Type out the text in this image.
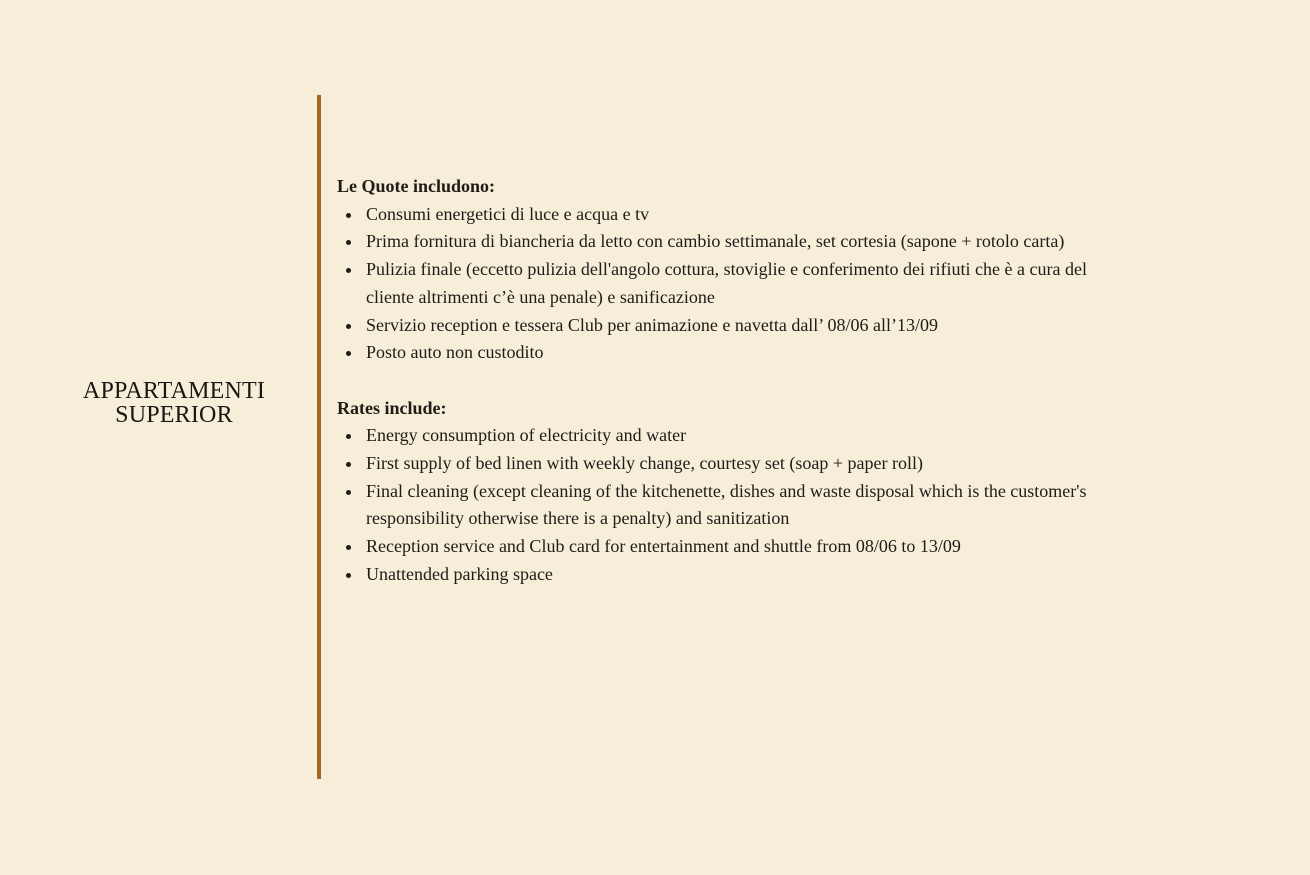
APPARTAMENTI
SUPERIOR

Le Quote includono:

Consumi energetici di luce e acqua e tv
Prima fornitura di biancheria da letto con cambio settimanale, set cortesia (sapone + rotolo carta)
Pulizia finale (eccetto pulizia dell'angolo cottura, stoviglie e conferimento dei rifiuti che è a cura del cliente altrimenti c’è una penale) e sanificazione
Servizio reception e tessera Club per animazione e navetta dall’ 08/06 all’13/09
Posto auto non custodito

Rates include:

Energy consumption of electricity and water
First supply of bed linen with weekly change, courtesy set (soap + paper roll)
Final cleaning (except cleaning of the kitchenette, dishes and waste disposal which is the customer's responsibility otherwise there is a penalty) and sanitization
Reception service and Club card for entertainment and shuttle from 08/06 to 13/09
Unattended parking space
